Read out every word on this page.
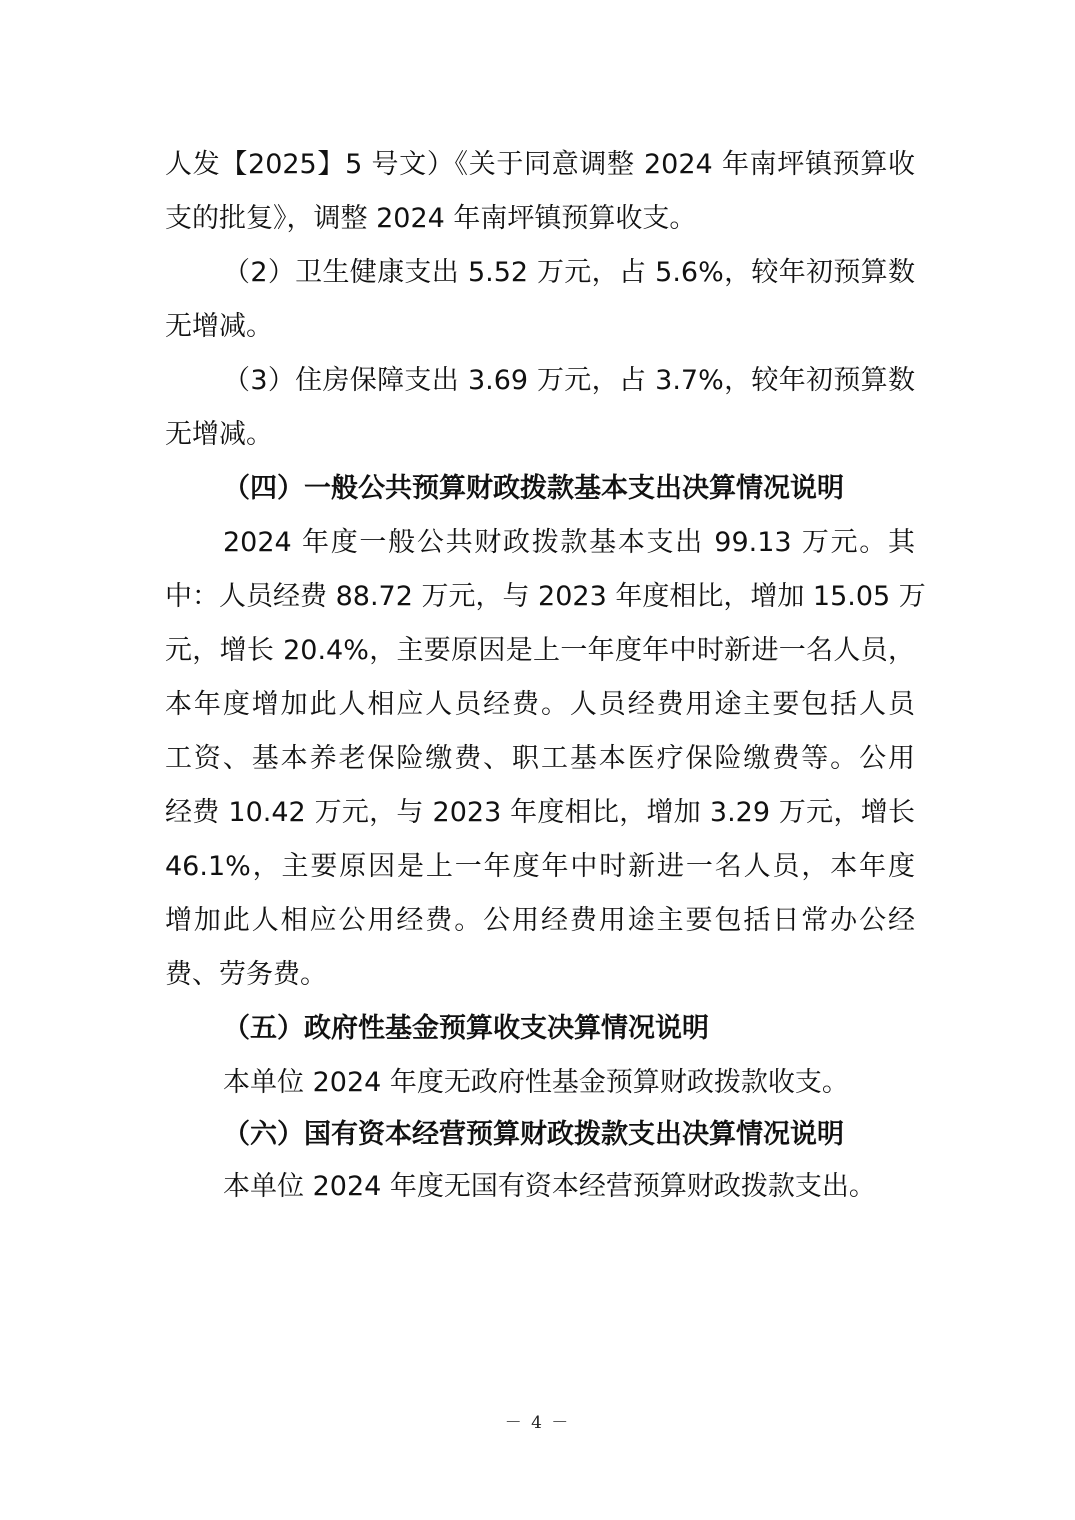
人发【2025】5 号文）《关于同意调整 2024 年南坪镇预算收
支的批复》，调整 2024 年南坪镇预算收支。
（2）卫生健康支出 5.52 万元，占 5.6%，较年初预算数
无增减。
（3）住房保障支出 3.69 万元，占 3.7%，较年初预算数
无增减。
（四）一般公共预算财政拨款基本支出决算情况说明
2024 年度一般公共财政拨款基本支出 99.13 万元。其
中：人员经费 88.72 万元，与 2023 年度相比，增加 15.05 万
元，增长 20.4%，主要原因是上一年度年中时新进一名人员，
本年度增加此人相应人员经费。人员经费用途主要包括人员
工资、基本养老保险缴费、职工基本医疗保险缴费等。公用
经费 10.42 万元，与 2023 年度相比，增加 3.29 万元，增长
46.1%，主要原因是上一年度年中时新进一名人员，本年度
增加此人相应公用经费。公用经费用途主要包括日常办公经
费、劳务费。
（五）政府性基金预算收支决算情况说明
本单位 2024 年度无政府性基金预算财政拨款收支。
（六）国有资本经营预算财政拨款支出决算情况说明
本单位 2024 年度无国有资本经营预算财政拨款支出。
－ 4 －
